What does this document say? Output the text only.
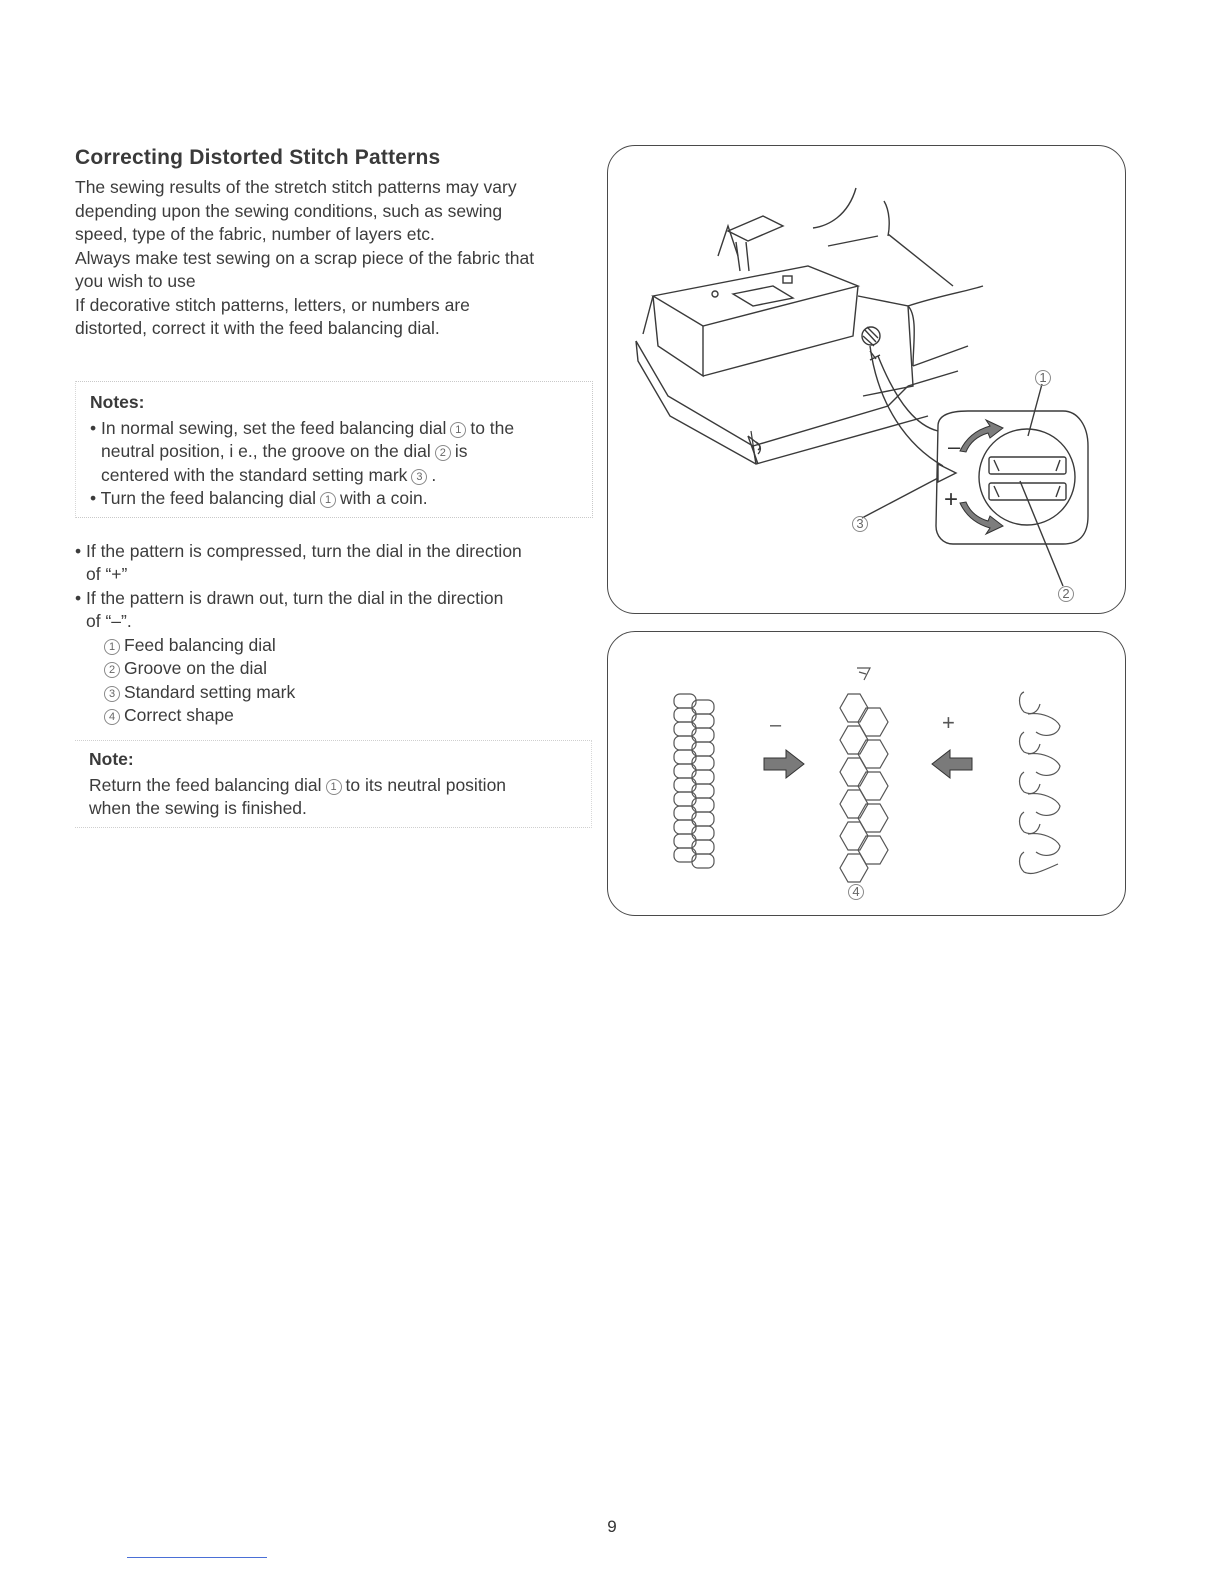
Correcting Distorted Stitch Patterns

The sewing results of the stretch stitch patterns may vary
depending upon the sewing conditions, such as sewing
speed, type of the fabric, number of layers etc.
Always make test sewing on a scrap piece of the fabric that
you wish to use
If decorative stitch patterns, letters, or numbers are
distorted, correct it with the feed balancing dial.

Notes:
• In normal sewing, set the feed balancing dial 1 to the
neutral position, i e., the groove on the dial 2 is
centered with the standard setting mark 3 .
• Turn the feed balancing dial 1 with a coin.
• If the pattern is compressed, turn the dial in the direction
of “+”
• If the pattern is drawn out, turn the dial in the direction
of “–”.
1 Feed balancing dial
2 Groove on the dial
3 Standard setting mark
4 Correct shape
Note:
Return the feed balancing dial 1 to its neutral position
when the sewing is finished.
–
+
1
3
2
–	+
4
9
